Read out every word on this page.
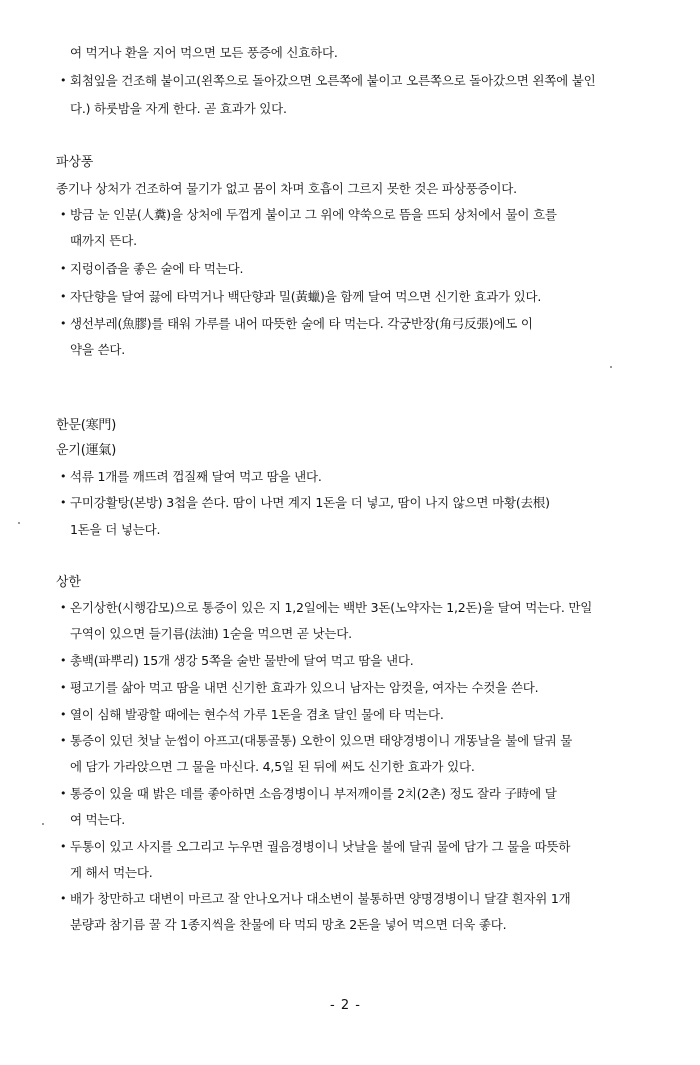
여 먹거나 환을 지어 먹으면 모든 풍증에 신효하다.
• 회첨잎을 건조해 붙이고(왼쪽으로 돌아갔으면 오른쪽에 붙이고 오른쪽으로 돌아갔으면 왼쪽에 붙인
다.) 하룻밤을 자게 한다. 곧 효과가 있다.
파상풍
종기나 상처가 건조하여 물기가 없고 몸이 차며 호흡이 그르지 못한 것은 파상풍증이다.
• 방금 눈 인분(人糞)을 상처에 두껍게 붙이고 그 위에 약쑥으로 뜸을 뜨되 상처에서 물이 흐를
때까지 뜬다.
• 지렁이즙을 좋은 술에 타 먹는다.
• 자단향을 달여 끓에 타먹거나 백단향과 밀(黃蠟)을 함께 달여 먹으면 신기한 효과가 있다.
• 생선부레(魚膠)를 태워 가루를 내어 따뜻한 술에 타 먹는다. 각궁반장(角弓反張)에도 이
약을 쓴다.
한문(寒門)
운기(運氣)
• 석류 1개를 깨뜨려 껍질째 달여 먹고 땀을 낸다.
• 구미강활탕(본방) 3첩을 쓴다. 땀이 나면 계지 1돈을 더 넣고, 땀이 나지 않으면 마황(去根)
1돈을 더 넣는다.
상한
• 온기상한(시행감모)으로 통증이 있은 지 1,2일에는 백반 3돈(노약자는 1,2돈)을 달여 먹는다. 만일
구역이 있으면 들기름(法油) 1숟을 먹으면 곧 낫는다.
• 총백(파뿌리) 15개 생강 5쪽을 술반 물반에 달여 먹고 땀을 낸다.
• 평고기를 삶아 먹고 땀을 내면 신기한 효과가 있으니 남자는 암컷을, 여자는 수컷을 쓴다.
• 열이 심해 발광할 때에는 현수석 가루 1돈을 겸초 달인 물에 타 먹는다.
• 통증이 있던 첫날 눈썹이 아프고(대통골통) 오한이 있으면 태양경병이니 개똥날을 불에 달궈 물
에 담가 가라앉으면 그 물을 마신다. 4,5일 된 뒤에 써도 신기한 효과가 있다.
• 통증이 있을 때 밝은 데를 좋아하면 소음경병이니 부저깨이를 2치(2촌) 정도 잘라 子時에 달
여 먹는다.
• 두통이 있고 사지를 오그리고 누우면 궐음경병이니 낫날을 불에 달궈 물에 담가 그 물을 따뜻하
게 해서 먹는다.
• 배가 창만하고 대변이 마르고 잘 안나오거나 대소변이 불통하면 양명경병이니 달걀 흰자위 1개
분량과 참기름 꿀 각 1종지씩을 찬물에 타 먹되 망초 2돈을 넣어 먹으면 더욱 좋다.
- 2 -
